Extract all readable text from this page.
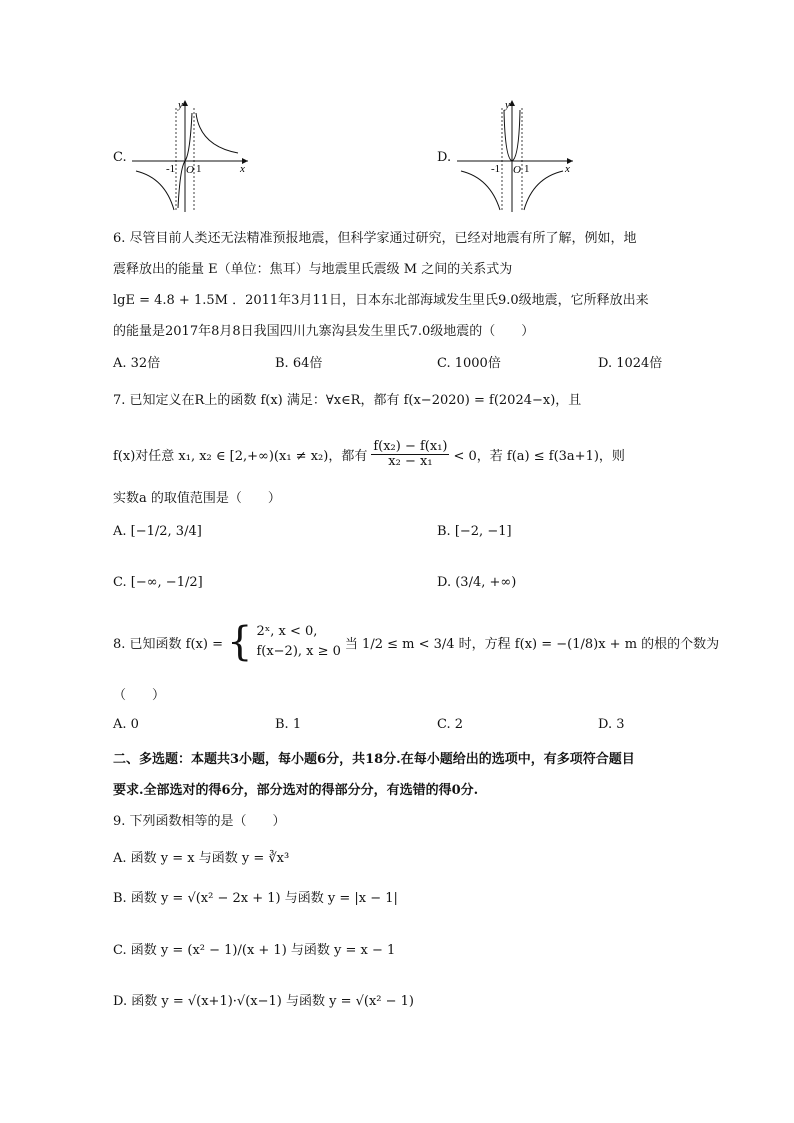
C.
x
y
O
-1 1
D.
x
y
O
-1 1
6. 尽管目前人类还无法精准预报地震，但科学家通过研究，已经对地震有所了解，例如，地
震释放出的能量 E（单位：焦耳）与地震里氏震级 M 之间的关系式为
lgE = 4.8 + 1.5M ．2011年3月11日，日本东北部海域发生里氏9.0级地震，它所释放出来
的能量是2017年8月8日我国四川九寨沟县发生里氏7.0级地震的（　　）
A. 32倍	B. 64倍	C. 1000倍	D. 1024倍
7. 已知定义在R上的函数 f(x) 满足：∀x∈R，都有 f(x−2020) = f(2024−x)，且
f(x)对任意 x₁, x₂ ∈ [2,+∞)(x₁ ≠ x₂)，都有 $\frac{\text{f(x₂) − f(x₁)}}{\text{x₂ − x₁}} < 0$，若 f(a) ≤ f(3a+1)，则
实数a 的取值范围是（　　）
A. [−1/2, 3/4]	B. [−2, −1]
C. [−∞, −1/2]	D. (3/4, +∞)
8. 已知函数 f(x) = { 2ˣ, x < 0,
f(x−2), x ≥ 0 当 1/2 ≤ m < 3/4 时，方程 f(x) = −(1/8)x + m 的根的个数为
（　　）
A. 0	B. 1	C. 2	D. 3
二、多选题：本题共3小题，每小题6分，共18分.在每小题给出的选项中，有多项符合题目
要求.全部选对的得6分，部分选对的得部分分，有选错的得0分.
9. 下列函数相等的是（　　）
A. 函数 y = x 与函数 y = ∛x³
B. 函数 y = √(x² − 2x + 1) 与函数 y = |x − 1|
C. 函数 y = (x² − 1)/(x + 1) 与函数 y = x − 1
D. 函数 y = √(x+1)·√(x−1) 与函数 y = √(x² − 1)
